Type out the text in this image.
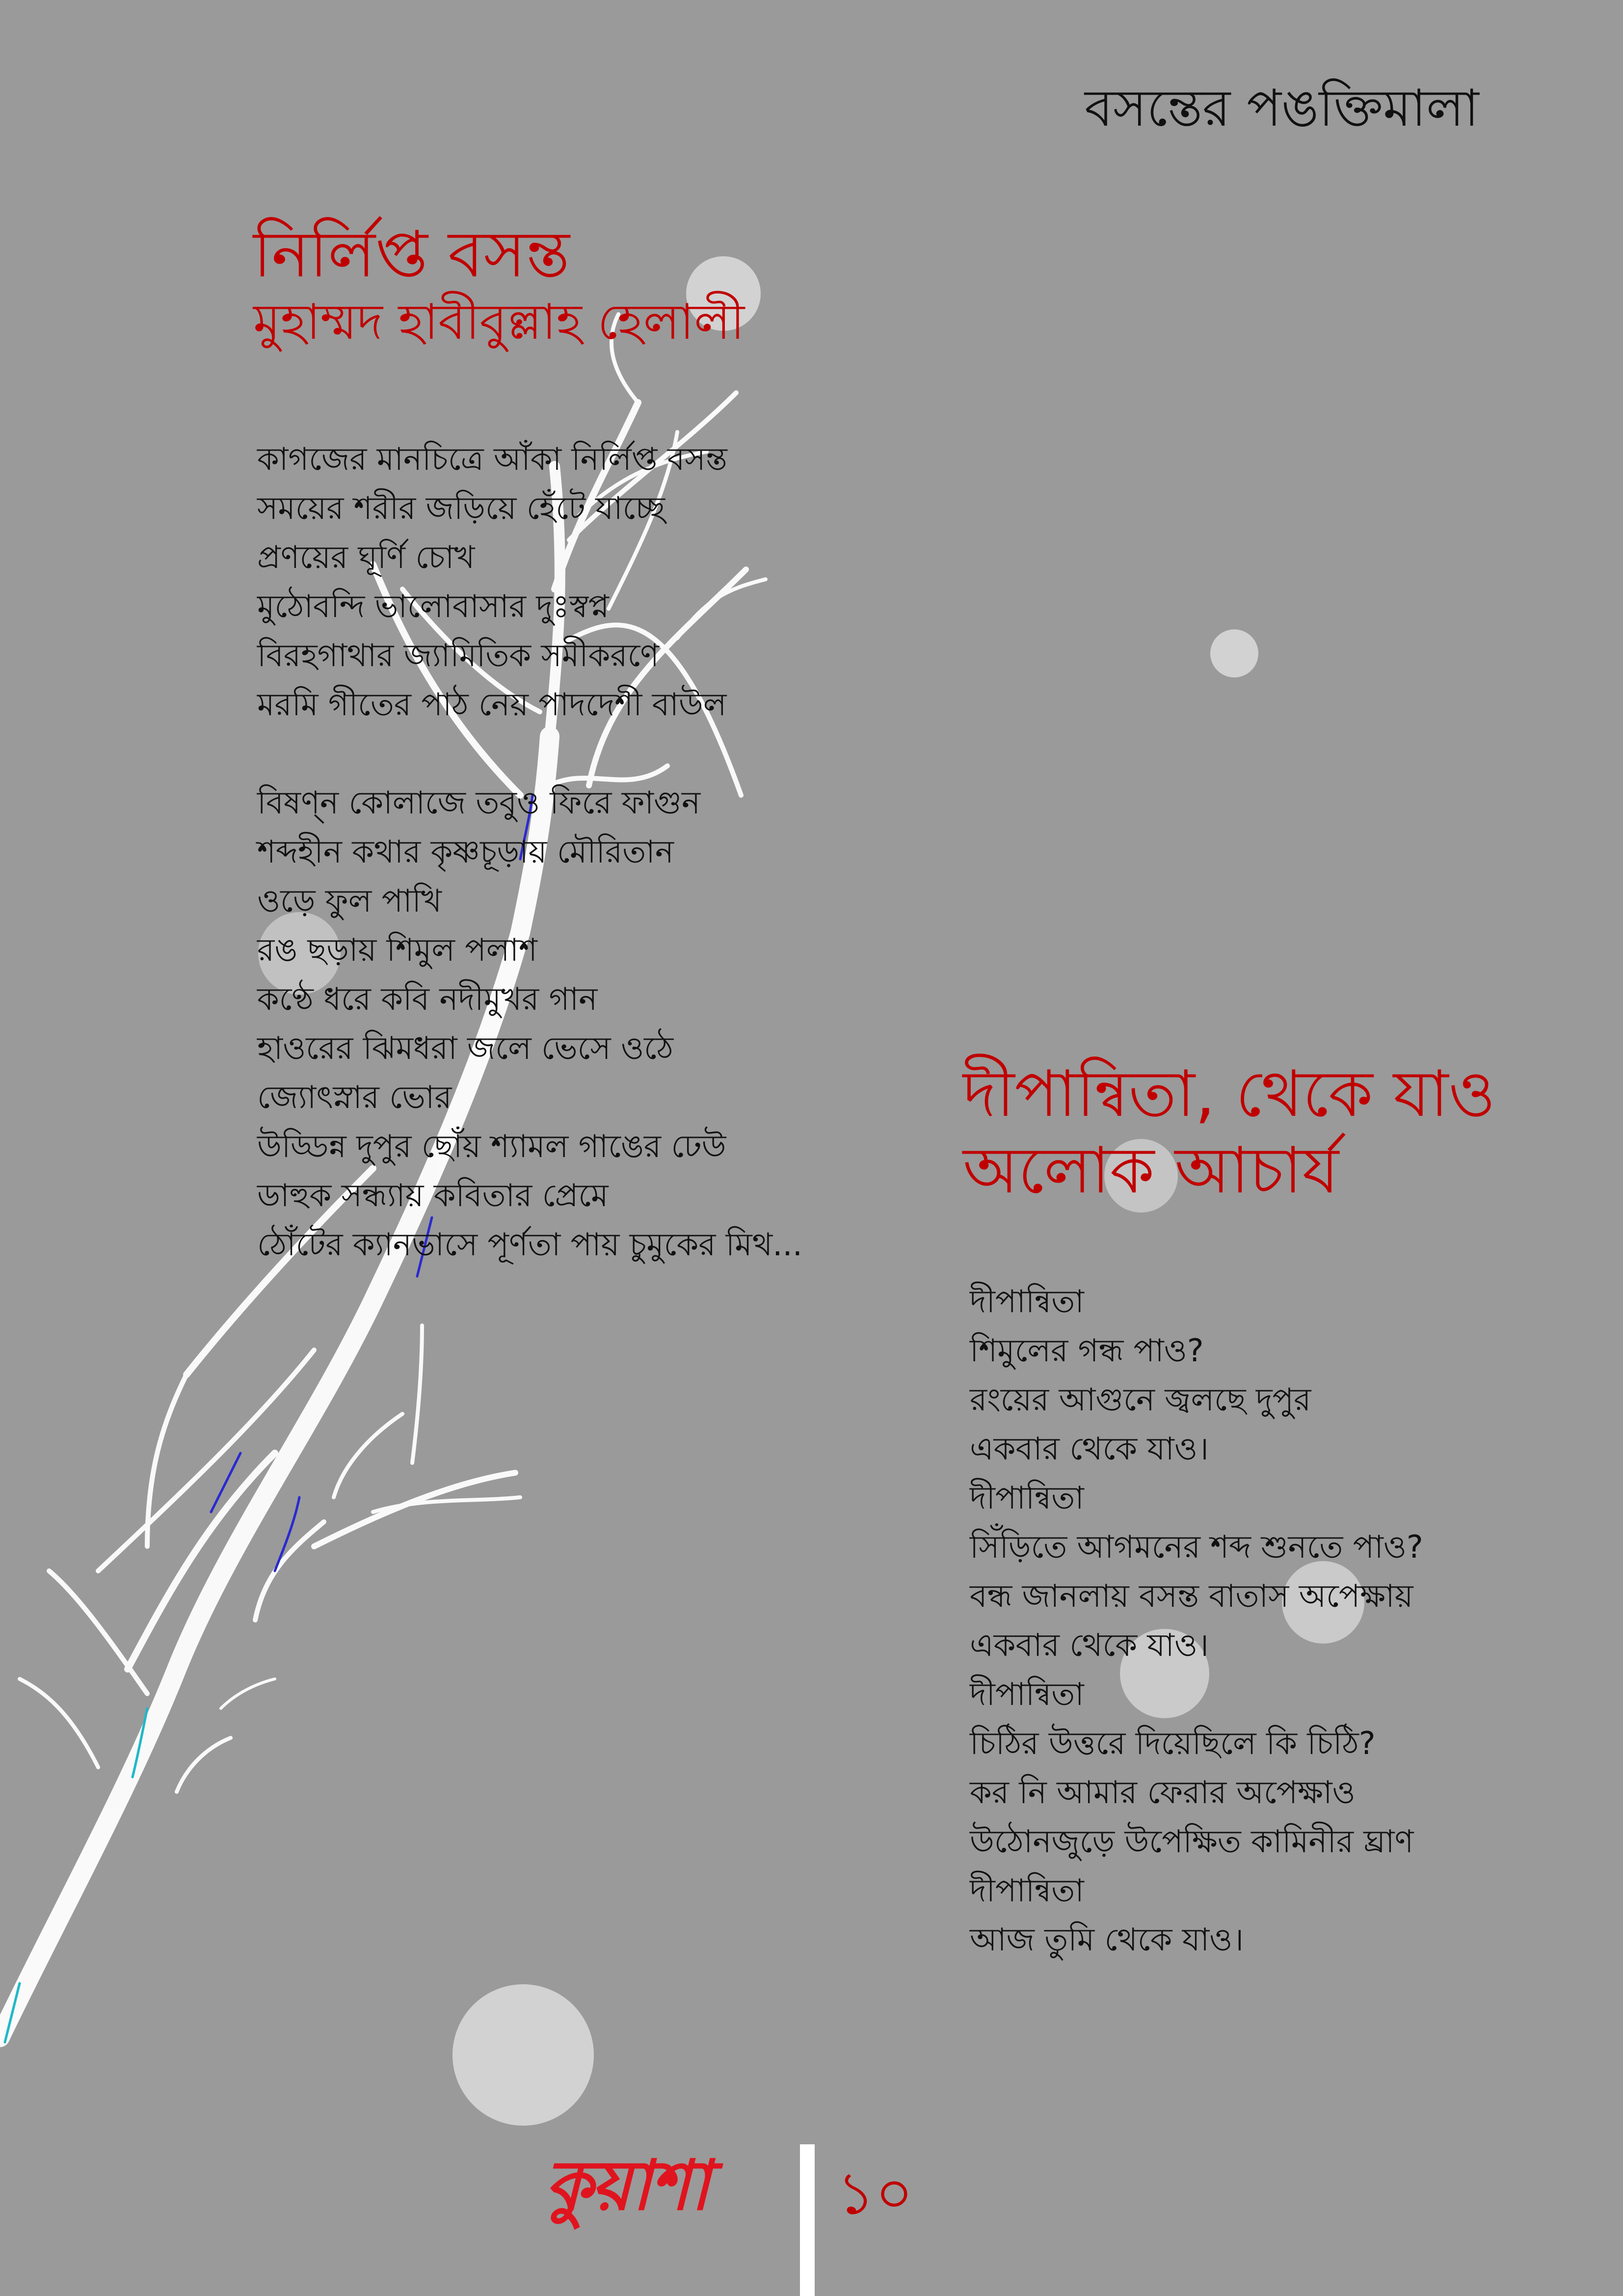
বসন্তের পঙক্তিমালা
নির্লিপ্ত বসন্ত
মুহাম্মদ হাবীবুল্লাহ হেলালী
কাগজের মানচিত্রে আঁকা নির্লিপ্ত বসন্ত
সময়ের শরীর জড়িয়ে হেঁটে যাচ্ছে
প্রণয়ের ঘূর্ণি চোখ
মুঠোবন্দি ভালোবাসার দুঃস্বপ্ন
বিরহগাথার জ্যামিতিক সমীকরণে
মরমি গীতের পাঠ নেয় পাদদেশী বাউল
বিষণ্ন কোলাজে তবুও ফিরে ফাগুন
শব্দহীন কথার কৃষ্ণচূড়ায় মৌরিতান
ওড়ে ফুল পাখি
রঙ ছড়ায় শিমুল পলাশ
কণ্ঠে ধরে কবি নদীমুখর গান
হাওরের ঝিমধরা জলে ভেসে ওঠে
জ্যোৎস্নার ভোর
উড্ডিন্ন দুপুর ছোঁয় শ্যামল গাঙের ঢেউ
ডাহুক সন্ধ্যায় কবিতার প্রেমে
ঠোঁটের ক্যানভাসে পূর্ণতা পায় চুমুকের মিথ...
দীপান্বিতা, থেকে যাও
অলোক আচার্য
দীপান্বিতা
শিমুলের গন্ধ পাও?
রংয়ের আগুনে জ্বলছে দুপুর
একবার থেকে যাও।
দীপান্বিতা
সিঁড়িতে আগমনের শব্দ শুনতে পাও?
বন্ধ জানলায় বসন্ত বাতাস অপেক্ষায়
একবার থেকে যাও।
দীপান্বিতা
চিঠির উত্তরে দিয়েছিলে কি চিঠি?
কর নি আমার ফেরার অপেক্ষাও
উঠোনজুড়ে উপেক্ষিত কামিনীর ঘ্রাণ
দীপান্বিতা
আজ তুমি থেকে যাও।
কুয়াশা ১০
